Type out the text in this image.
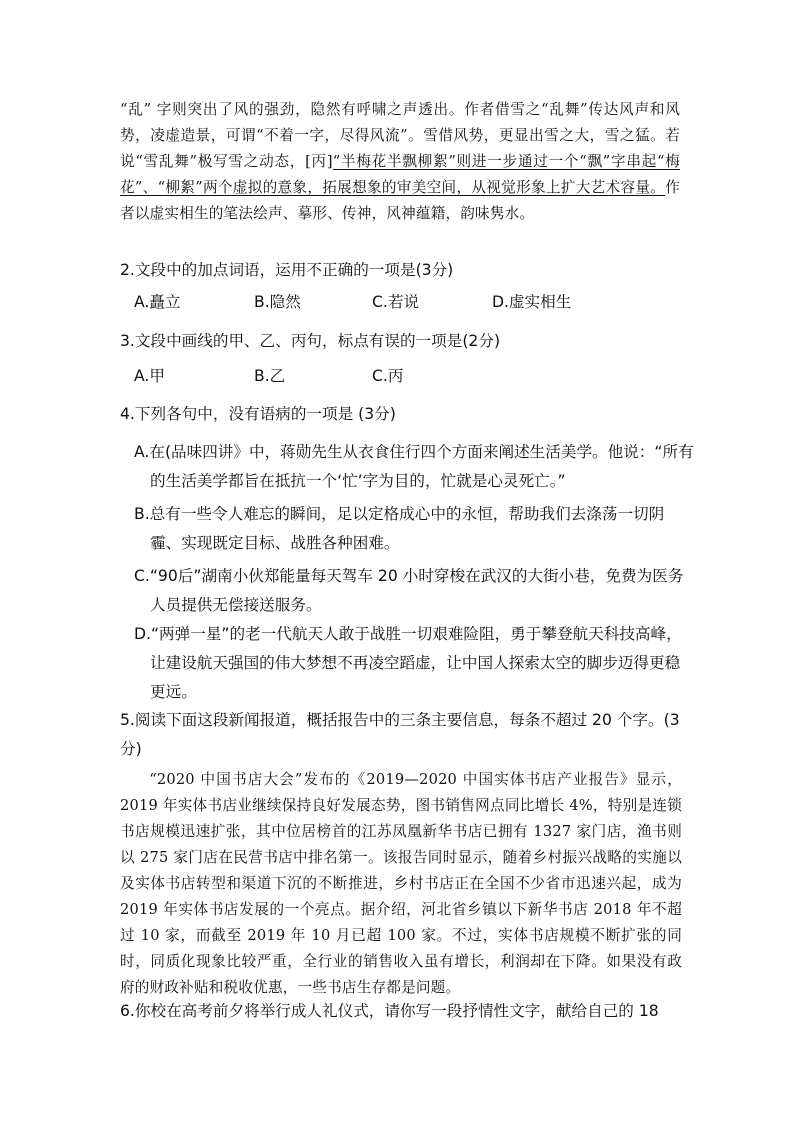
“乱” 字则突出了风的强劲，隐然有呼啸之声透出。作者借雪之“乱舞”传达风声和风势，凌虚造景，可谓“不着一字，尽得风流”。雪借风势，更显出雪之大，雪之猛。若说“雪乱舞”极写雪之动态，[丙]“半梅花半飘柳絮”则进一步通过一个“飘”字串起“梅花”、“柳絮”两个虚拟的意象，拓展想象的审美空间，从视觉形象上扩大艺术容量。作者以虚实相生的笔法绘声、摹形、传神，风神蕴籍，韵味隽水。
2.文段中的加点词语，运用不正确的一项是(3分)
A.矗立	B.隐然	C.若说	D.虚实相生
3.文段中画线的甲、乙、丙句，标点有误的一项是(2分)
A.甲	B.乙	C.丙
4.下列各句中，没有语病的一项是 (3分)
A.在(品味四讲》中，蒋勋先生从衣食住行四个方面来阐述生活美学。他说：“所有的生活美学都旨在抵抗一个‘忙’字为目的，忙就是心灵死亡。”
B.总有一些令人难忘的瞬间，足以定格成心中的永恒，帮助我们去涤荡一切阴霾、实现既定目标、战胜各种困难。
C.“90后”湖南小伙郑能量每天驾车 20 小时穿梭在武汉的大街小巷，免费为医务人员提供无偿接送服务。
D.“两弹一星”的老一代航天人敢于战胜一切艰难险阻，勇于攀登航天科技高峰，让建设航天强国的伟大梦想不再凌空蹈虚，让中国人探索太空的脚步迈得更稳更远。
5.阅读下面这段新闻报道，概括报告中的三条主要信息，每条不超过 20 个字。(3分)
“2020 中国书店大会”发布的《2019—2020 中国实体书店产业报告》显示，2019 年实体书店业继续保持良好发展态势，图书销售网点同比增长 4%，特别是连锁书店规模迅速扩张，其中位居榜首的江苏凤凰新华书店已拥有 1327 家门店，渔书则以 275 家门店在民营书店中排名第一。该报告同时显示，随着乡村振兴战略的实施以及实体书店转型和渠道下沉的不断推进，乡村书店正在全国不少省市迅速兴起，成为 2019 年实体书店发展的一个亮点。据介绍，河北省乡镇以下新华书店 2018 年不超过 10 家，而截至 2019 年 10 月已超 100 家。不过，实体书店规模不断扩张的同时，同质化现象比较严重，全行业的销售收入虽有增长，利润却在下降。如果没有政府的财政补贴和税收优惠，一些书店生存都是问题。
6.你校在高考前夕将举行成人礼仪式，请你写一段抒情性文字，献给自己的 18
